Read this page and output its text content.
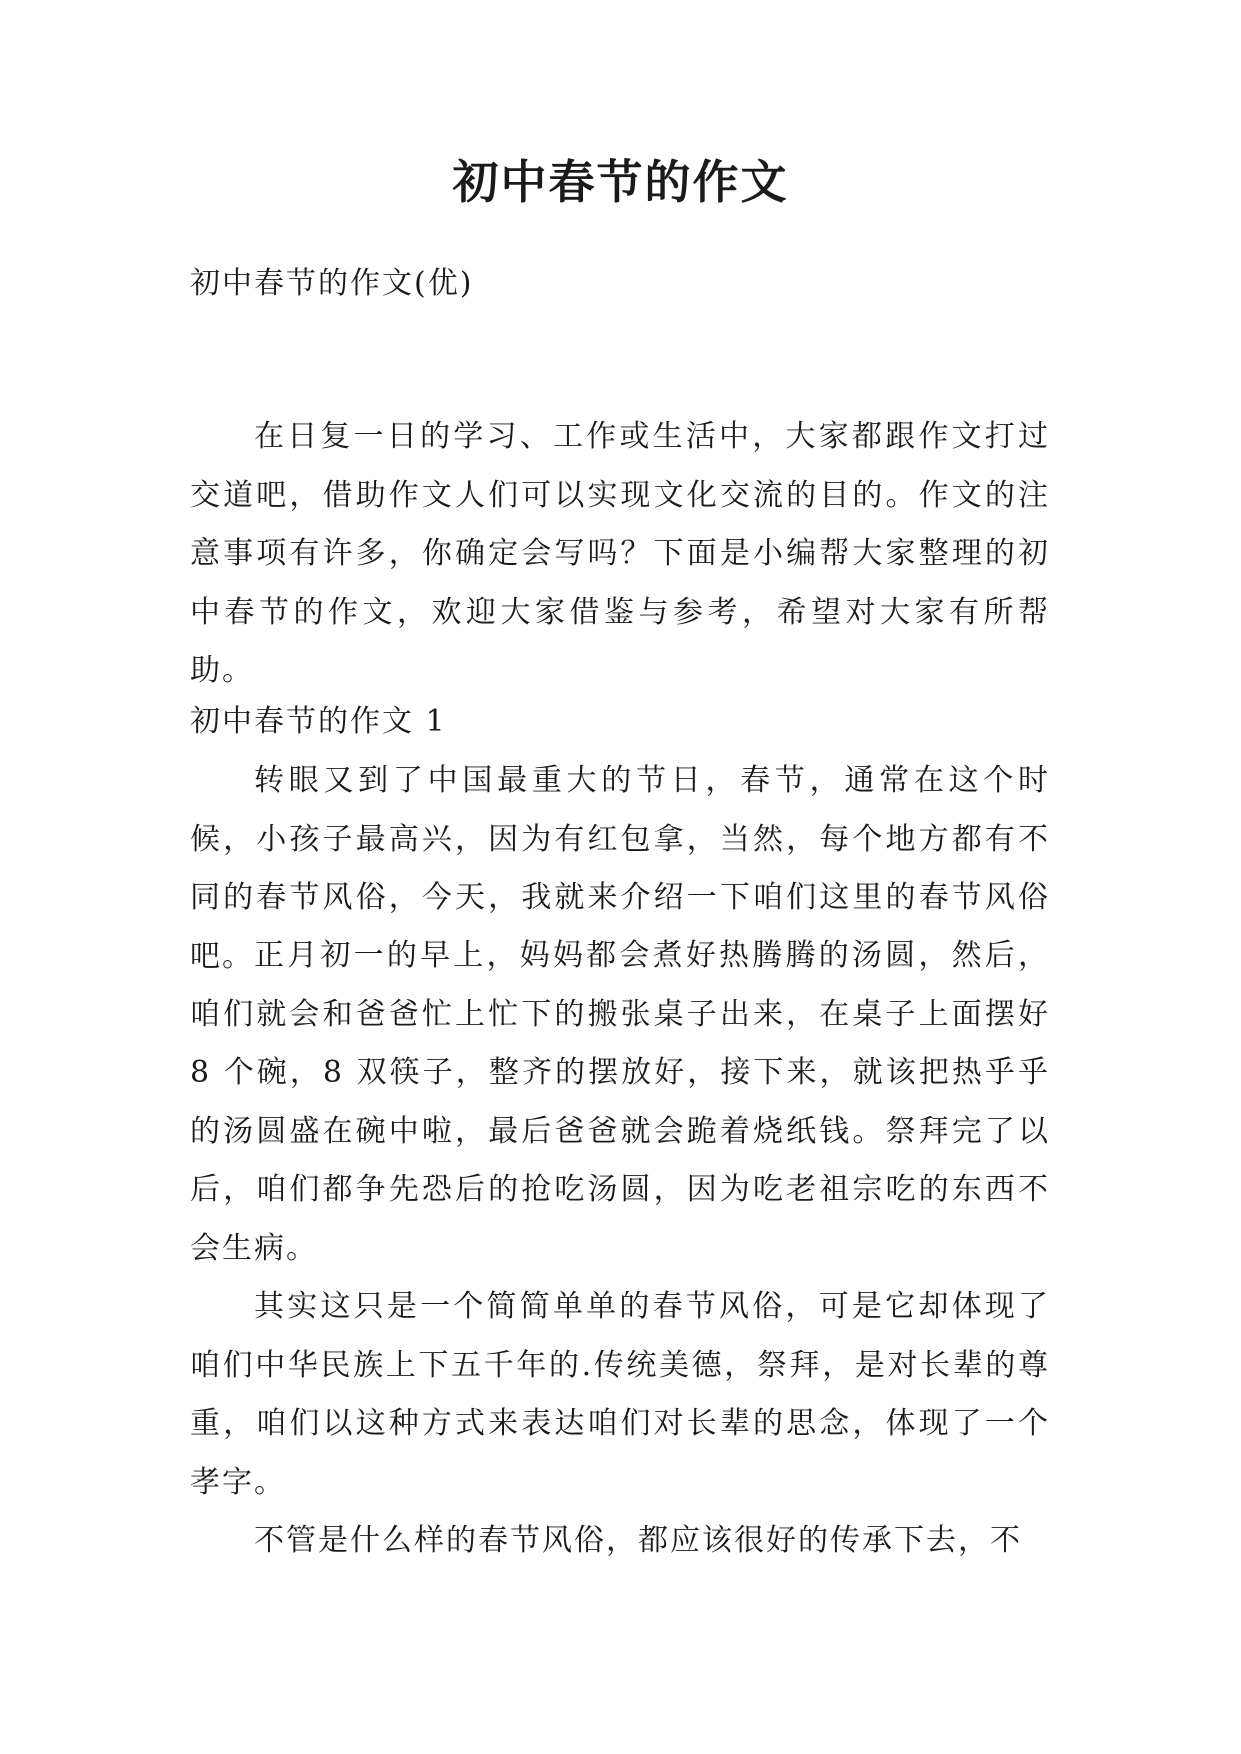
初中春节的作文
初中春节的作文(优)

在日复一日的学习、工作或生活中，大家都跟作文打过交道吧，借助作文人们可以实现文化交流的目的。作文的注意事项有许多，你确定会写吗？下面是小编帮大家整理的初中春节的作文，欢迎大家借鉴与参考，希望对大家有所帮助。

初中春节的作文 1

转眼又到了中国最重大的节日，春节，通常在这个时候，小孩子最高兴，因为有红包拿，当然，每个地方都有不同的春节风俗，今天，我就来介绍一下咱们这里的春节风俗吧。 正月初一的早上，妈妈都会煮好热腾腾的汤圆，然后，咱们就会和爸爸忙上忙下的搬张桌子出来，在桌子上面摆好 8 个碗，8 双筷子，整齐的摆放好，接下来，就该把热乎乎的汤圆盛在碗中啦，最后爸爸就会跪着烧纸钱。祭拜完了以后，咱们都争先恐后的抢吃汤圆，因为吃老祖宗吃的东西不会生病。

其实这只是一个简简单单的春节风俗，可是它却体现了咱们中华民族上下五千年的.传统美德，祭拜，是对长辈的尊重，咱们以这种方式来表达咱们对长辈的思念，体现了一个孝字。

不管是什么样的春节风俗，都应该很好的传承下去，不
